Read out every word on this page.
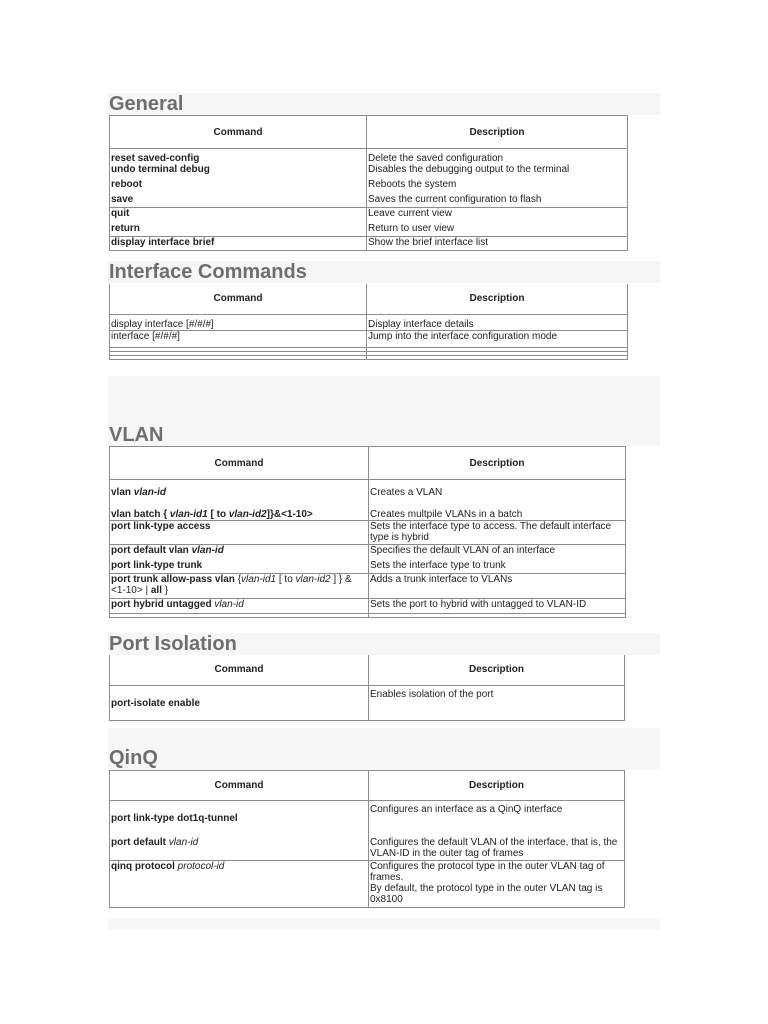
General
Command	Description
reset saved-config	Delete the saved configuration
undo terminal debug	Disables the debugging output to the terminal
reboot	Reboots the system
save	Saves the current configuration to flash
quit	Leave current view
return	Return to user view
display interface brief	Show the brief interface list
Interface Commands
Command	Description
display interface [#/#/#]	Display interface details
interface [#/#/#]	Jump into the interface configuration mode

VLAN
Command	Description
vlan vlan-id	Creates a VLAN
vlan batch { vlan-id1 [ to vlan-id2]}&<1-10>	Creates multpile VLANs in a batch
port link-type access	Sets the interface type to access. The default interface type is hybrid
port default vlan vlan-id	Specifies the default VLAN of an interface
port link-type trunk	Sets the interface type to trunk
port trunk allow-pass vlan {vlan-id1 [ to vlan-id2 ] } & <1-10> | all }	Adds a trunk interface to VLANs
port hybrid untagged vlan-id	Sets the port to hybrid with untagged to VLAN-ID

Port Isolation
Command	Description
port-isolate enable	Enables isolation of the port
QinQ
Command	Description
port link-type dot1q-tunnel	Configures an interface as a QinQ interface
port default vlan-id	Configures the default VLAN of the interface, that is, the VLAN-ID in the outer tag of frames
qinq protocol protocol-id	Configures the protocol type in the outer VLAN tag of frames.
By default, the protocol type in the outer VLAN tag is 0x8100
